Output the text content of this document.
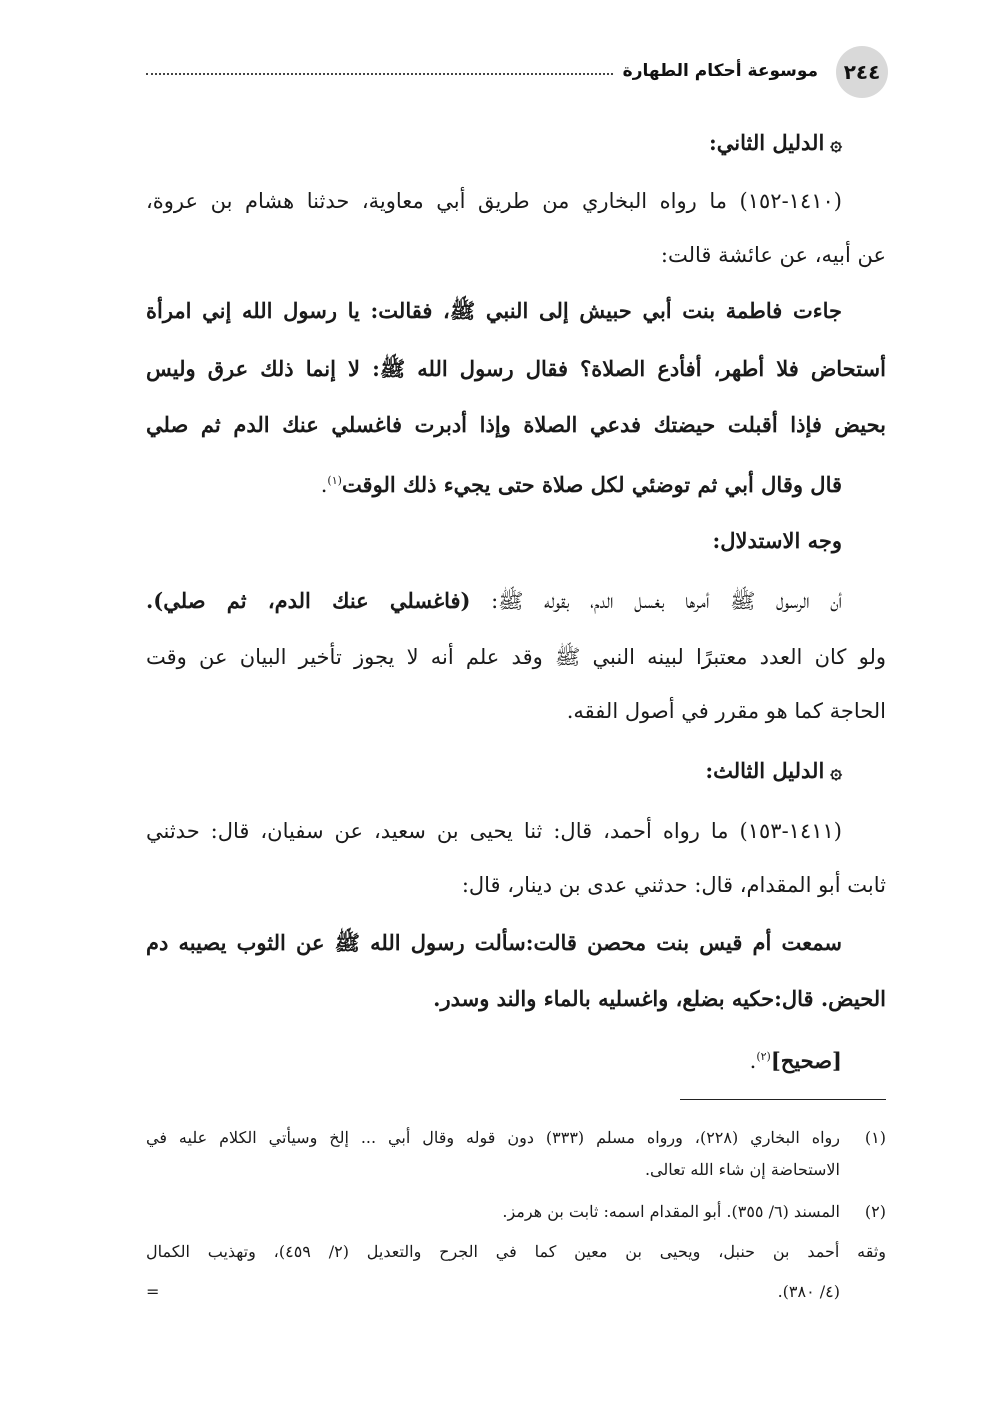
٢٤٤
موسوعة أحكام الطهارة
۞الدليل الثاني:
(١٤١٠-١٥٢) ما رواه البخاري من طريق أبي معاوية، حدثنا هشام بن عروة،
عن أبيه، عن عائشة قالت:
جاءت فاطمة بنت أبي حبيش إلى النبي ﷺ، فقالت: يا رسول الله إني امرأة
أستحاض فلا أطهر، أفأدع الصلاة؟ فقال رسول الله ﷺ: لا إنما ذلك عرق وليس
بحيض فإذا أقبلت حيضتك فدعي الصلاة وإذا أدبرت فاغسلي عنك الدم ثم صلي
قال وقال أبي ثم توضئي لكل صلاة حتى يجيء ذلك الوقت$^{(١)}$.
وجه الاستدلال:
أن الرسول ﷺ أمرها بغسل الدم، بقوله ﷺ: (فاغسلي عنك الدم، ثم صلي).
ولو كان العدد معتبرًا لبينه النبي ﷺ وقد علم أنه لا يجوز تأخير البيان عن وقت
الحاجة كما هو مقرر في أصول الفقه.
۞الدليل الثالث:
(١٤١١-١٥٣) ما رواه أحمد، قال: ثنا يحيى بن سعيد، عن سفيان، قال: حدثني
ثابت أبو المقدام، قال: حدثني عدى بن دينار، قال:
سمعت أم قيس بنت محصن قالت:سألت رسول الله ﷺ عن الثوب يصيبه دم
الحيض. قال:حكيه بضلع، واغسليه بالماء والند وسدر.
[صحيح]$^{(٢)}$.
(١)
رواه البخاري (٢٢٨)، ورواه مسلم (٣٣٣) دون قوله وقال أبي ... إلخ وسيأتي الكلام عليه في
الاستحاضة إن شاء الله تعالى.
(٢)
المسند (٦/ ٣٥٥). أبو المقدام اسمه: ثابت بن هرمز.
وثقه أحمد بن حنبل، ويحيى بن معين كما في الجرح والتعديل (٢/ ٤٥٩)، وتهذيب الكمال
(٤/ ٣٨٠).
=
